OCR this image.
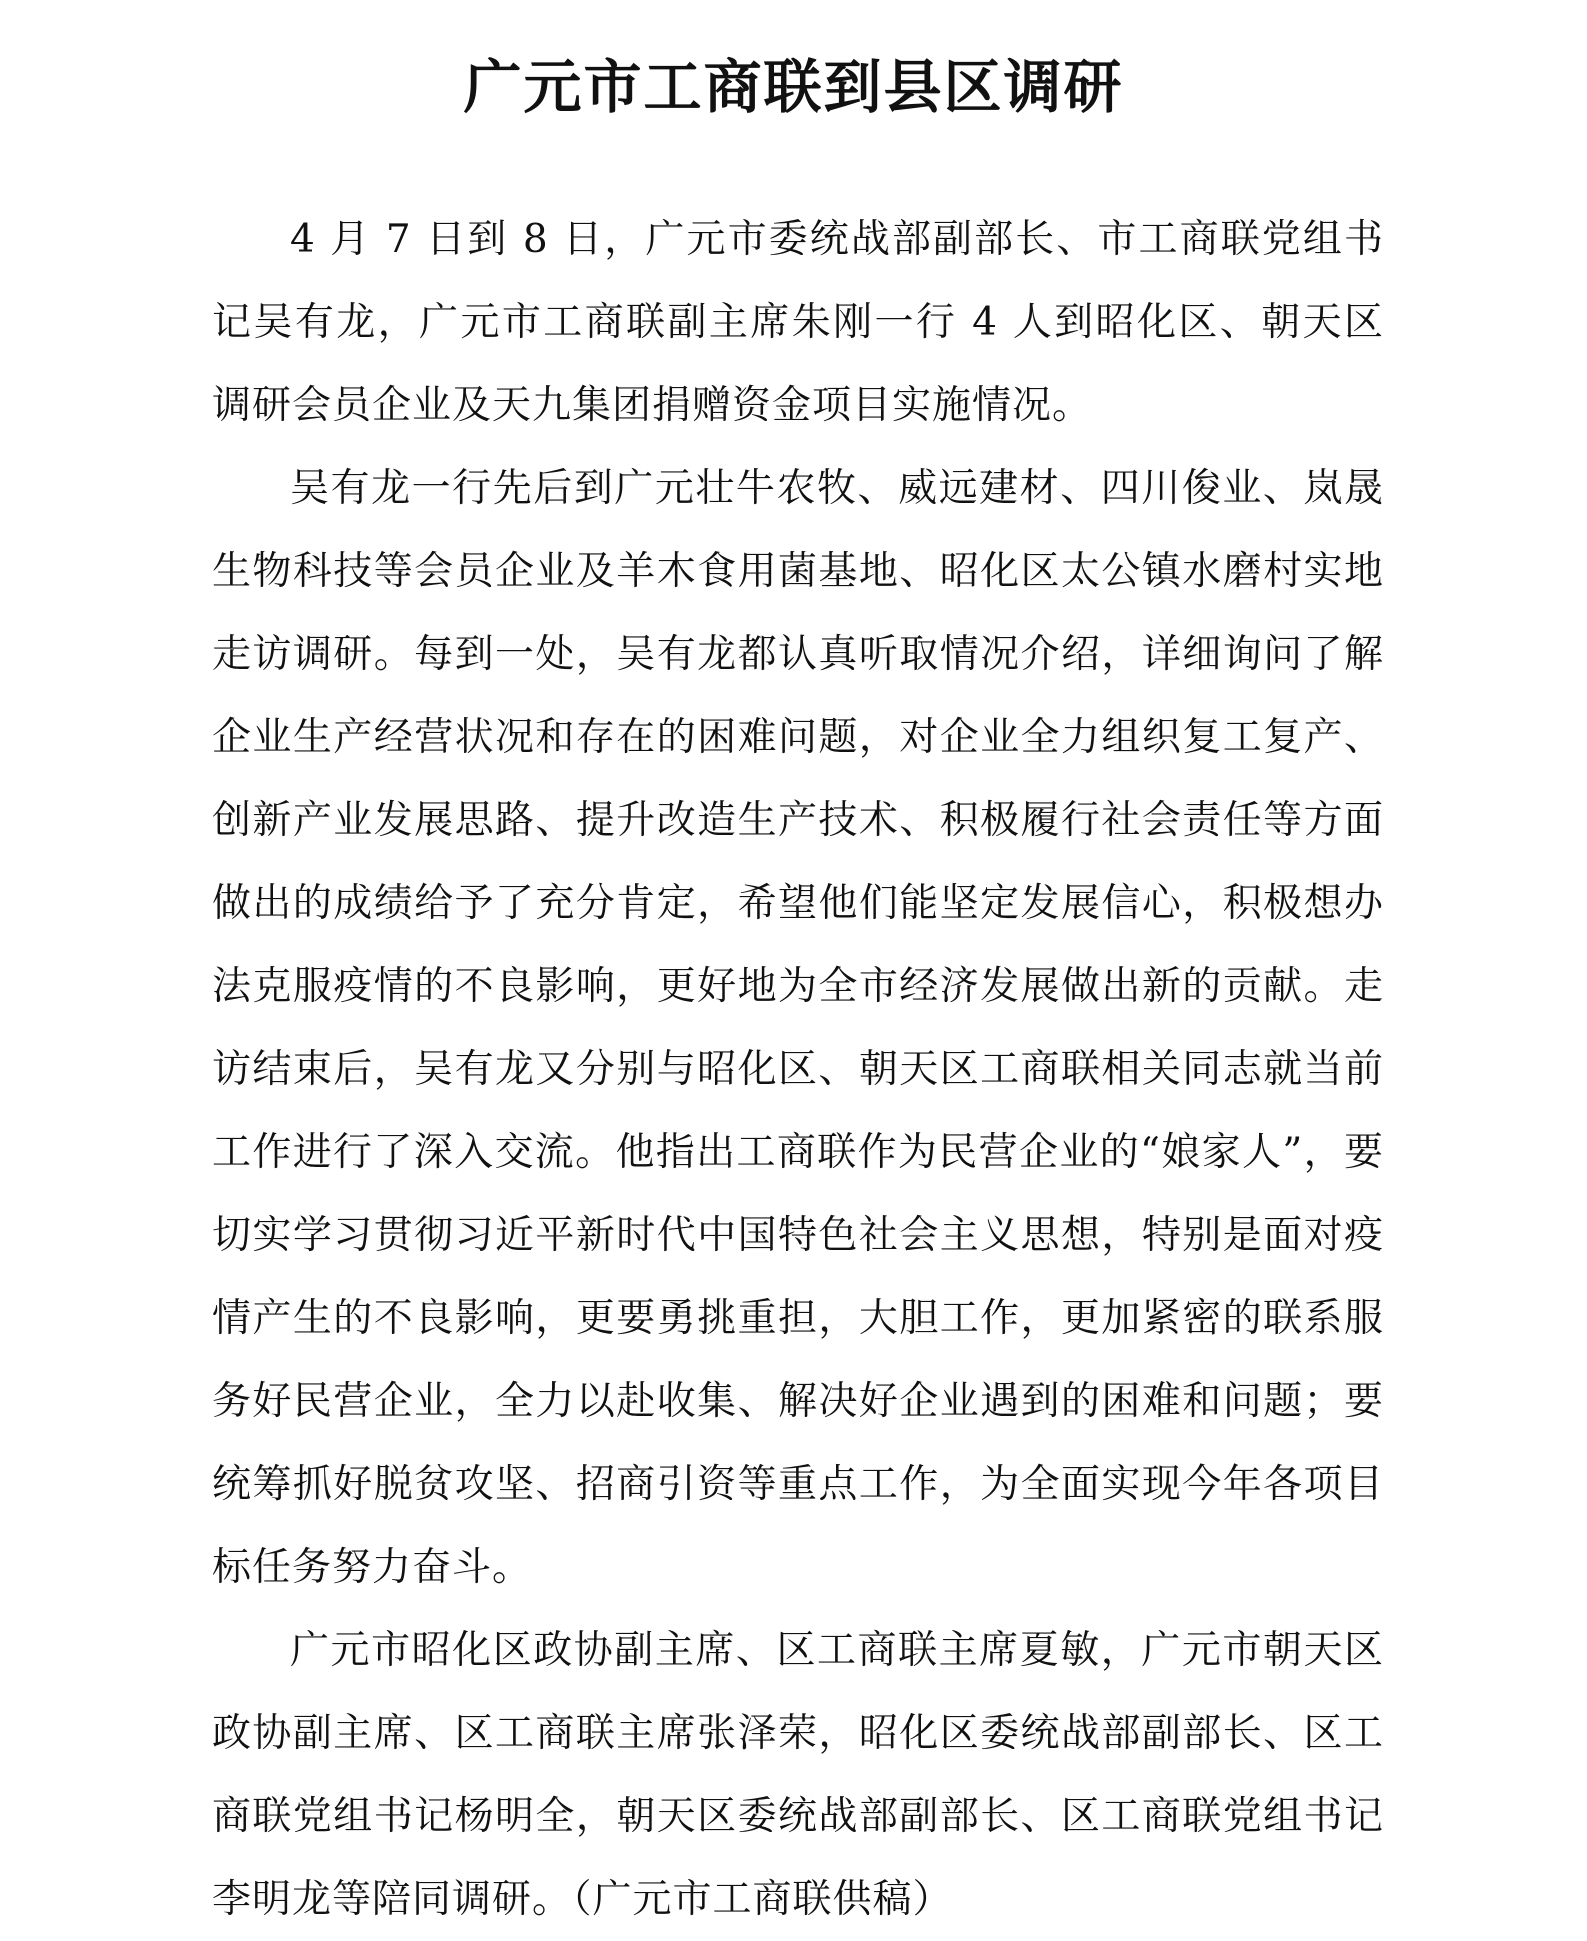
广元市工商联到县区调研

4 月 7 日到 8 日，广元市委统战部副部长、市工商联党组书记吴有龙，广元市工商联副主席朱刚一行 4 人到昭化区、朝天区调研会员企业及天九集团捐赠资金项目实施情况。

吴有龙一行先后到广元壮牛农牧、威远建材、四川俊业、岚晟生物科技等会员企业及羊木食用菌基地、昭化区太公镇水磨村实地走访调研。每到一处，吴有龙都认真听取情况介绍，详细询问了解企业生产经营状况和存在的困难问题，对企业全力组织复工复产、创新产业发展思路、提升改造生产技术、积极履行社会责任等方面做出的成绩给予了充分肯定，希望他们能坚定发展信心，积极想办法克服疫情的不良影响，更好地为全市经济发展做出新的贡献。走访结束后，吴有龙又分别与昭化区、朝天区工商联相关同志就当前工作进行了深入交流。他指出工商联作为民营企业的“娘家人”，要切实学习贯彻习近平新时代中国特色社会主义思想，特别是面对疫情产生的不良影响，更要勇挑重担，大胆工作，更加紧密的联系服务好民营企业，全力以赴收集、解决好企业遇到的困难和问题；要统筹抓好脱贫攻坚、招商引资等重点工作，为全面实现今年各项目标任务努力奋斗。

广元市昭化区政协副主席、区工商联主席夏敏，广元市朝天区政协副主席、区工商联主席张泽荣，昭化区委统战部副部长、区工商联党组书记杨明全，朝天区委统战部副部长、区工商联党组书记李明龙等陪同调研。（广元市工商联供稿）
